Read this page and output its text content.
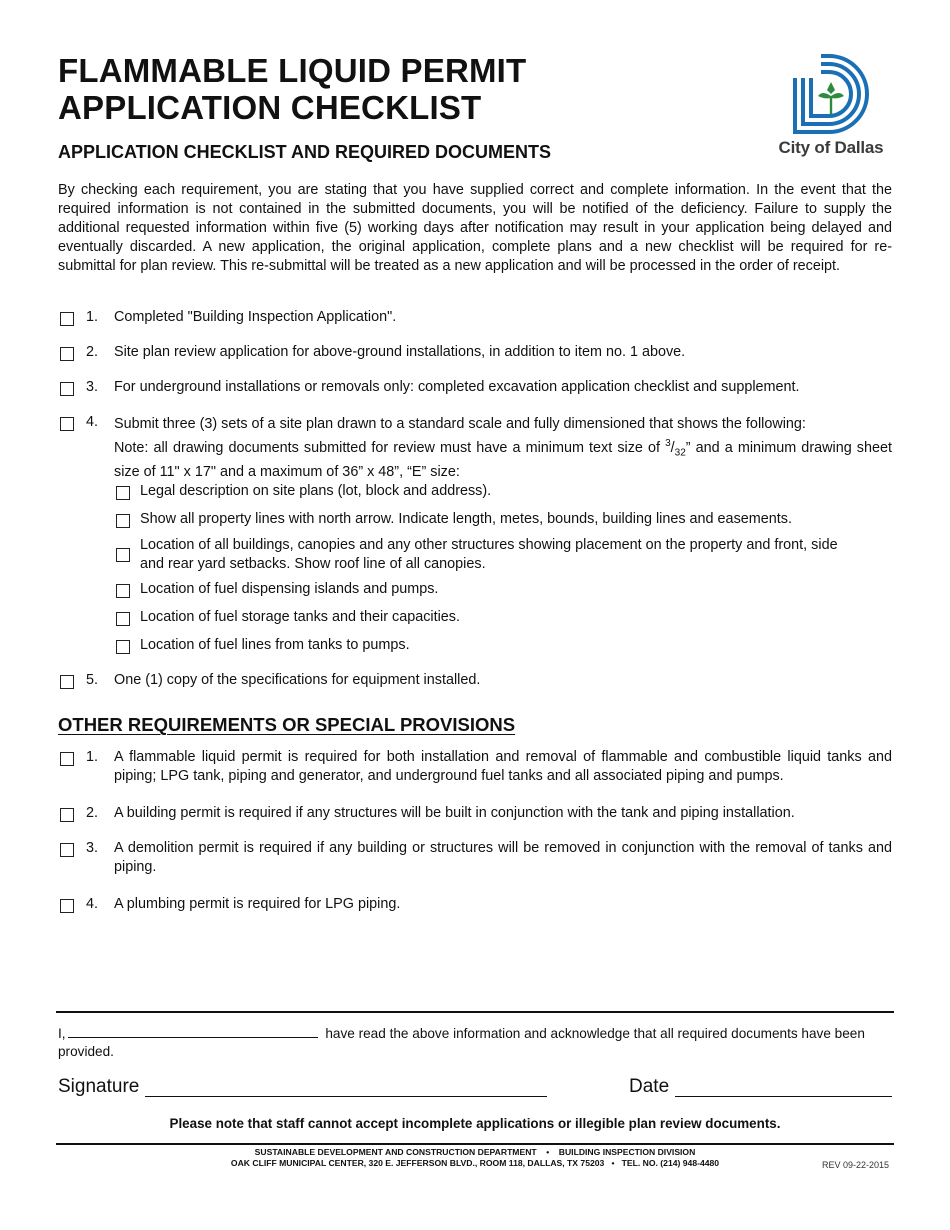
FLAMMABLE LIQUID PERMIT APPLICATION CHECKLIST
APPLICATION CHECKLIST AND REQUIRED DOCUMENTS	City of Dallas
By checking each requirement, you are stating that you have supplied correct and complete information. In the event that the required information is not contained in the submitted documents, you will be notified of the deficiency. Failure to supply the additional requested information within five (5) working days after notification may result in your application being delayed and eventually discarded. A new application, the original application, complete plans and a new checklist will be required for re-submittal for plan review. This re-submittal will be treated as a new application and will be processed in the order of receipt.
1. Completed "Building Inspection Application".
2. Site plan review application for above-ground installations, in addition to item no. 1 above.
3. For underground installations or removals only: completed excavation application checklist and supplement.
4. Submit three (3) sets of a site plan drawn to a standard scale and fully dimensioned that shows the following:
Note: all drawing documents submitted for review must have a minimum text size of $^3/_{32}$” and a minimum drawing sheet size of 11" x 17" and a maximum of 36” x 48”, “E” size:
Legal description on site plans (lot, block and address).
Show all property lines with north arrow. Indicate length, metes, bounds, building lines and easements.
Location of all buildings, canopies and any other structures showing placement on the property and front, side and rear yard setbacks. Show roof line of all canopies.
Location of fuel dispensing islands and pumps.
Location of fuel storage tanks and their capacities.
Location of fuel lines from tanks to pumps.
5. One (1) copy of the specifications for equipment installed.
OTHER REQUIREMENTS OR SPECIAL PROVISIONS
1. A flammable liquid permit is required for both installation and removal of flammable and combustible liquid tanks and piping; LPG tank, piping and generator, and underground fuel tanks and all associated piping and pumps.
2. A building permit is required if any structures will be built in conjunction with the tank and piping installation.
3. A demolition permit is required if any building or structures will be removed in conjunction with the removal of tanks and piping.
4. A plumbing permit is required for LPG piping.
I,	have read the above information and acknowledge that all required documents have been provided.
Signature	Date
Please note that staff cannot accept incomplete applications or illegible plan review documents.
SUSTAINABLE DEVELOPMENT AND CONSTRUCTION DEPARTMENT    •    BUILDING INSPECTION DIVISION
OAK CLIFF MUNICIPAL CENTER, 320 E. JEFFERSON BLVD., ROOM 118, DALLAS, TX 75203   •   TEL. NO. (214) 948-4480	REV 09-22-2015
